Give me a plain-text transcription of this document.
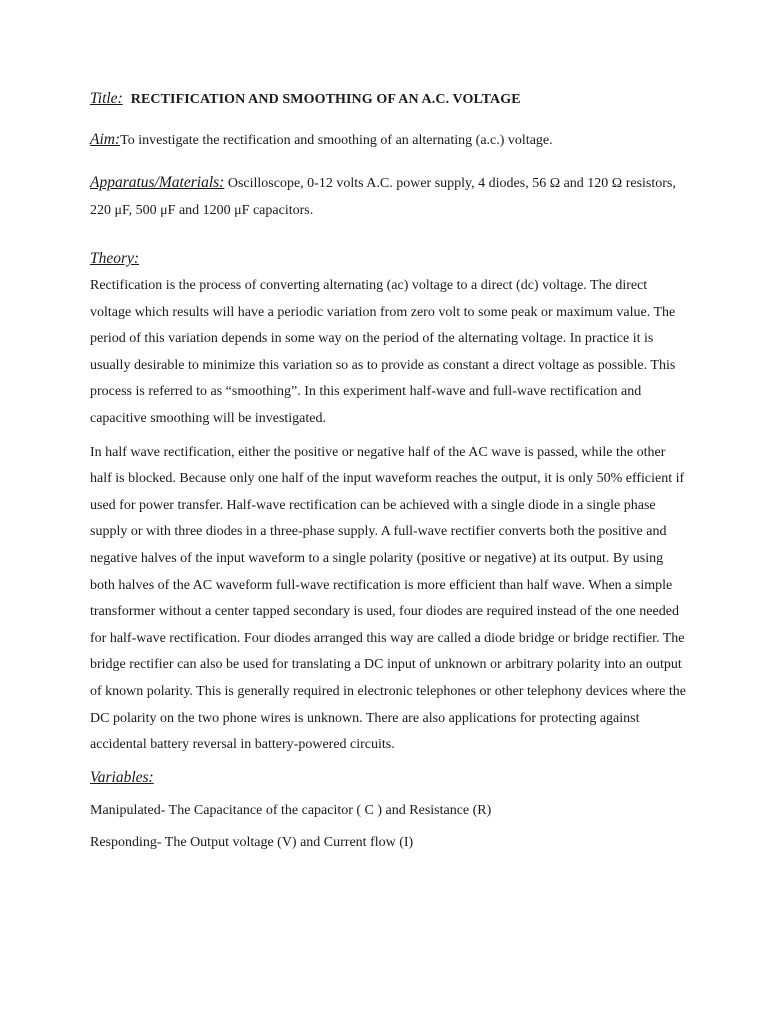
Title: RECTIFICATION AND SMOOTHING OF AN A.C. VOLTAGE
Aim:To investigate the rectification and smoothing of an alternating (a.c.) voltage.
Apparatus/Materials: Oscilloscope, 0-12 volts A.C. power supply, 4 diodes, 56 Ω and 120 Ω resistors, 220 μF, 500 μF and 1200 μF capacitors.
Theory:

Rectification is the process of converting alternating (ac) voltage to a direct (dc) voltage. The direct voltage which results will have a periodic variation from zero volt to some peak or maximum value. The period of this variation depends in some way on the period of the alternating voltage. In practice it is usually desirable to minimize this variation so as to provide as constant a direct voltage as possible. This process is referred to as “smoothing”. In this experiment half-wave and full-wave rectification and capacitive smoothing will be investigated.

In half wave rectification, either the positive or negative half of the AC wave is passed, while the other half is blocked. Because only one half of the input waveform reaches the output, it is only 50% efficient if used for power transfer. Half-wave rectification can be achieved with a single diode in a single phase supply or with three diodes in a three-phase supply. A full-wave rectifier converts both the positive and negative halves of the input waveform to a single polarity (positive or negative) at its output. By using both halves of the AC waveform full-wave rectification is more efficient than half wave. When a simple transformer without a center tapped secondary is used, four diodes are required instead of the one needed for half-wave rectification. Four diodes arranged this way are called a diode bridge or bridge rectifier. The bridge rectifier can also be used for translating a DC input of unknown or arbitrary polarity into an output of known polarity. This is generally required in electronic telephones or other telephony devices where the DC polarity on the two phone wires is unknown. There are also applications for protecting against accidental battery reversal in battery-powered circuits.

Variables:
Manipulated- The Capacitance of the capacitor ( C ) and Resistance (R)
Responding- The Output voltage (V) and Current flow (I)
